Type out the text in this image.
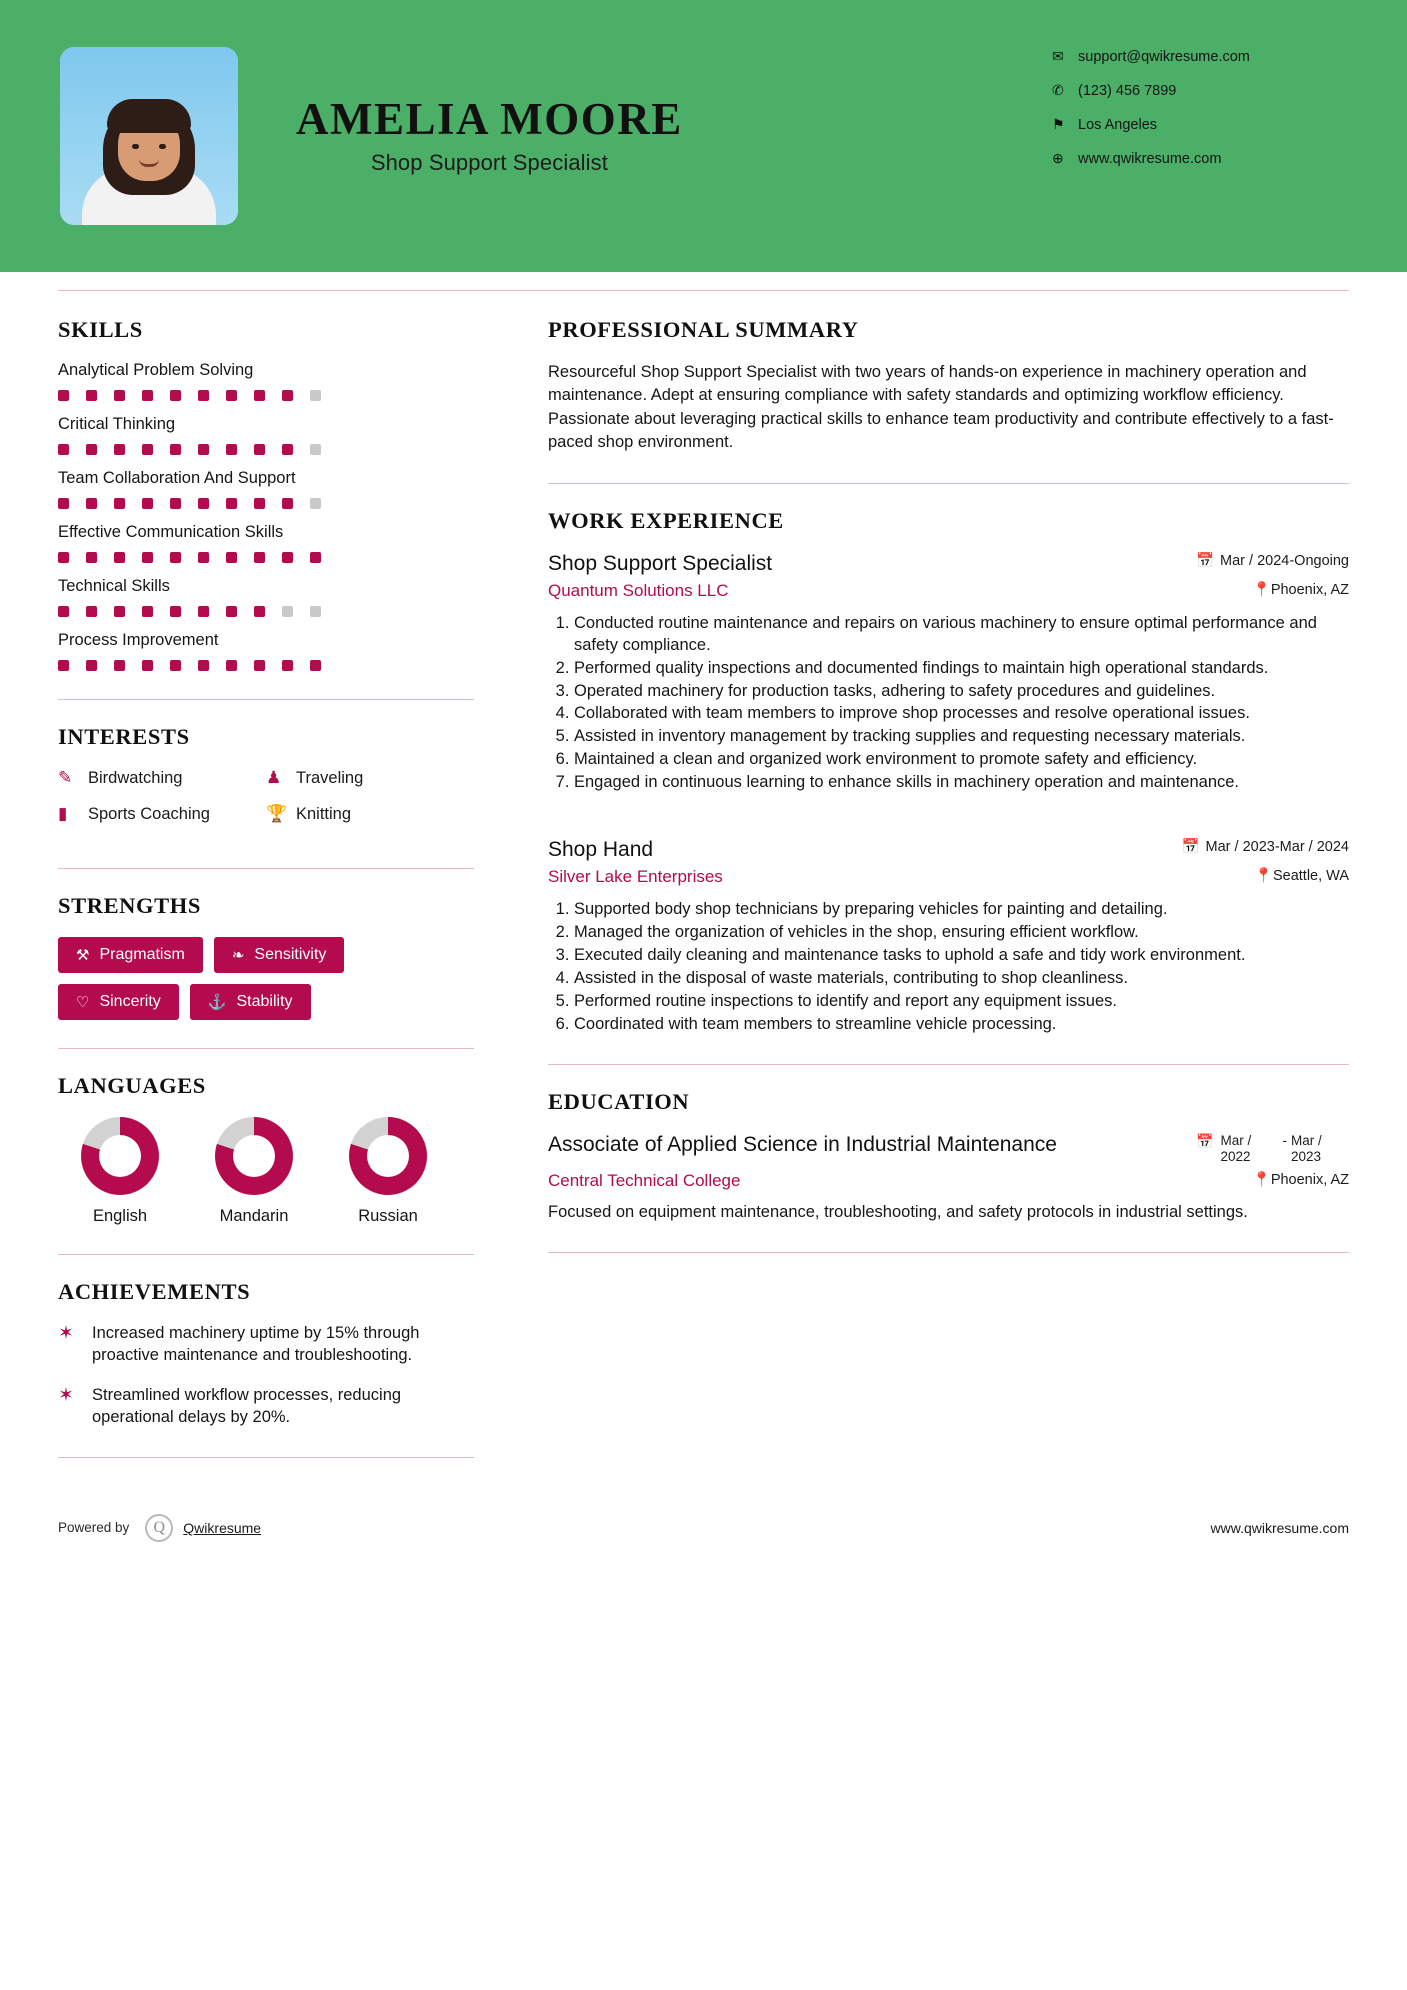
AMELIA MOORE
Shop Support Specialist
✉ support@qwikresume.com
✆ (123) 456 7899
⚑ Los Angeles
⊕ www.qwikresume.com
SKILLS
Analytical Problem Solving
Critical Thinking
Team Collaboration And Support
Effective Communication Skills
Technical Skills
Process Improvement
INTERESTS
✎ Birdwatching	♟ Traveling
▮	Sports Coaching	🏆 Knitting
STRENGTHS
⚒ Pragmatism	❧ Sensitivity
♡ Sincerity	⚓ Stability
LANGUAGES
English	Mandarin	Russian
ACHIEVEMENTS
✶	Increased machinery uptime by 15% through proactive maintenance and troubleshooting.
✶	Streamlined workflow processes, reducing operational delays by 20%.
PROFESSIONAL SUMMARY
Resourceful Shop Support Specialist with two years of hands-on experience in machinery operation and maintenance. Adept at ensuring compliance with safety standards and optimizing workflow efficiency. Passionate about leveraging practical skills to enhance team productivity and contribute effectively to a fast-paced shop environment.
WORK EXPERIENCE
Shop Support Specialist	📅 Mar / 2024-Ongoing
Quantum Solutions LLC	📍Phoenix, AZ
1. Conducted routine maintenance and repairs on various machinery to ensure optimal performance and safety compliance.
2. Performed quality inspections and documented findings to maintain high operational standards.
3. Operated machinery for production tasks, adhering to safety procedures and guidelines.
4. Collaborated with team members to improve shop processes and resolve operational issues.
5. Assisted in inventory management by tracking supplies and requesting necessary materials.
6. Maintained a clean and organized work environment to promote safety and efficiency.
7. Engaged in continuous learning to enhance skills in machinery operation and maintenance.
Shop Hand	📅 Mar / 2023-Mar / 2024
Silver Lake Enterprises	📍Seattle, WA
1. Supported body shop technicians by preparing vehicles for painting and detailing.
2. Managed the organization of vehicles in the shop, ensuring efficient workflow.
3. Executed daily cleaning and maintenance tasks to uphold a safe and tidy work environment.
4. Assisted in the disposal of waste materials, contributing to shop cleanliness.
5. Performed routine inspections to identify and report any equipment issues.
6. Coordinated with team members to streamline vehicle processing.
EDUCATION
Associate of Applied Science in Industrial Maintenance	📅 Mar / 2022
- Mar / 2023
Central Technical College	📍Phoenix, AZ
Focused on equipment maintenance, troubleshooting, and safety protocols in industrial settings.
Powered by	Q	Qwikresume	www.qwikresume.com
